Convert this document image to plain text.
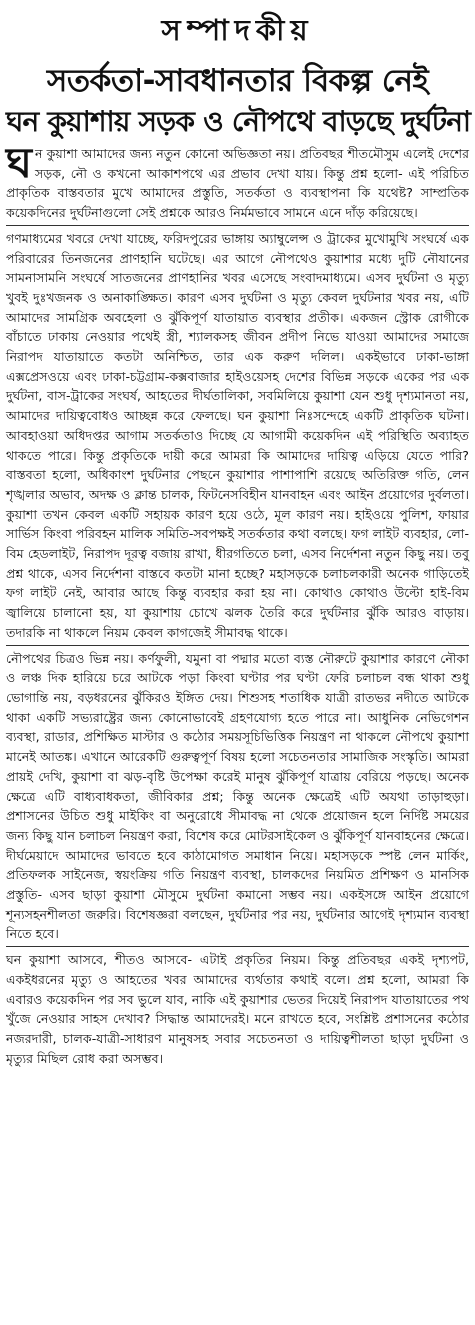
সম্পাদকীয়
সতর্কতা-সাবধানতার বিকল্প নেই
ঘন কুয়াশায় সড়ক ও নৌপথে বাড়ছে দুর্ঘটনা

ঘন কুয়াশা আমাদের জন্য নতুন কোনো অভিজ্ঞতা নয়। প্রতিবছর শীতমৌসুম এলেই দেশের সড়ক, নৌ ও কখনো আকাশপথে এর প্রভাব দেখা যায়। কিন্তু প্রশ্ন হলো- এই পরিচিত প্রাকৃতিক বাস্তবতার মুখে আমাদের প্রস্তুতি, সতর্কতা ও ব্যবস্থাপনা কি যথেষ্ট? সাম্প্রতিক কয়েকদিনের দুর্ঘটনাগুলো সেই প্রশ্নকে আরও নির্মমভাবে সামনে এনে দাঁড় করিয়েছে।

গণমাধ্যমের খবরে দেখা যাচ্ছে, ফরিদপুরের ভাঙ্গায় অ্যাম্বুলেন্স ও ট্রাকের মুখোমুখি সংঘর্ষে এক পরিবারের তিনজনের প্রাণহানি ঘটেছে। এর আগে নৌপথেও কুয়াশার মধ্যে দুটি নৌযানের সামনাসামনি সংঘর্ষে সাতজনের প্রাণহানির খবর এসেছে সংবাদমাধ্যমে। এসব দুর্ঘটনা ও মৃত্যু খুবই দুঃখজনক ও অনাকাঙ্ক্ষিত। কারণ এসব দুর্ঘটনা ও মৃত্যু কেবল দুর্ঘটনার খবর নয়, এটি আমাদের সামগ্রিক অবহেলা ও ঝুঁকিপূর্ণ যাতায়াত ব্যবস্থার প্রতীক। একজন স্ট্রোক রোগীকে বাঁচাতে ঢাকায় নেওয়ার পথেই স্ত্রী, শ্যালকসহ জীবন প্রদীপ নিভে যাওয়া আমাদের সমাজে নিরাপদ যাতায়াতে কতটা অনিশ্চিত, তার এক করুণ দলিল। একইভাবে ঢাকা-ভাঙ্গা এক্সপ্রেসওয়ে এবং ঢাকা-চট্টগ্রাম-কক্সবাজার হাইওয়েসহ দেশের বিভিন্ন সড়কে একের পর এক দুর্ঘটনা, বাস-ট্রাকের সংঘর্ষ, আহতের দীর্ঘতালিকা, সবমিলিয়ে কুয়াশা যেন শুধু দৃশ্যমানতা নয়, আমাদের দায়িত্ববোধও আচ্ছন্ন করে ফেলছে। ঘন কুয়াশা নিঃসন্দেহে একটি প্রাকৃতিক ঘটনা। আবহাওয়া অধিদপ্তর আগাম সতর্কতাও দিচ্ছে যে আগামী কয়েকদিন এই পরিস্থিতি অব্যাহত থাকতে পারে। কিন্তু প্রকৃতিকে দায়ী করে আমরা কি আমাদের দায়িত্ব এড়িয়ে যেতে পারি? বাস্তবতা হলো, অধিকাংশ দুর্ঘটনার পেছনে কুয়াশার পাশাপাশি রয়েছে অতিরিক্ত গতি, লেন শৃঙ্খলার অভাব, অদক্ষ ও ক্লান্ত চালক, ফিটনেসবিহীন যানবাহন এবং আইন প্রয়োগের দুর্বলতা। কুয়াশা তখন কেবল একটি সহায়ক কারণ হয়ে ওঠে, মূল কারণ নয়। হাইওয়ে পুলিশ, ফায়ার সার্ভিস কিংবা পরিবহন মালিক সমিতি-সবপক্ষই সতর্কতার কথা বলছে। ফগ লাইট ব্যবহার, লো-বিম হেডলাইট, নিরাপদ দূরত্ব বজায় রাখা, ধীরগতিতে চলা, এসব নির্দেশনা নতুন কিছু নয়। তবু প্রশ্ন থাকে, এসব নির্দেশনা বাস্তবে কতটা মানা হচ্ছে? মহাসড়কে চলাচলকারী অনেক গাড়িতেই ফগ লাইট নেই, আবার আছে কিন্তু ব্যবহার করা হয় না। কোথাও কোথাও উল্টো হাই-বিম জ্বালিয়ে চালানো হয়, যা কুয়াশায় চোখে ঝলক তৈরি করে দুর্ঘটনার ঝুঁকি আরও বাড়ায়। তদারকি না থাকলে নিয়ম কেবল কাগজেই সীমাবদ্ধ থাকে।

নৌপথের চিত্রও ভিন্ন নয়। কর্ণফুলী, যমুনা বা পদ্মার মতো ব্যস্ত নৌরুটে কুয়াশার কারণে নৌকা ও লঞ্চ দিক হারিয়ে চরে আটকে পড়া কিংবা ঘণ্টার পর ঘণ্টা ফেরি চলাচল বন্ধ থাকা শুধু ভোগান্তি নয়, বড়ধরনের ঝুঁকিরও ইঙ্গিত দেয়। শিশুসহ শতাধিক যাত্রী রাতভর নদীতে আটকে থাকা একটি সভ্যরাষ্ট্রের জন্য কোনোভাবেই গ্রহণযোগ্য হতে পারে না। আধুনিক নেভিগেশন ব্যবস্থা, রাডার, প্রশিক্ষিত মাস্টার ও কঠোর সময়সূচিভিত্তিক নিয়ন্ত্রণ না থাকলে নৌপথে কুয়াশা মানেই আতঙ্ক। এখানে আরেকটি গুরুত্বপূর্ণ বিষয় হলো সচেতনতার সামাজিক সংস্কৃতি। আমরা প্রায়ই দেখি, কুয়াশা বা ঝড়-বৃষ্টি উপেক্ষা করেই মানুষ ঝুঁকিপূর্ণ যাত্রায় বেরিয়ে পড়ছে। অনেক ক্ষেত্রে এটি বাধ্যবাধকতা, জীবিকার প্রশ্ন; কিন্তু অনেক ক্ষেত্রেই এটি অযথা তাড়াহুড়া। প্রশাসনের উচিত শুধু মাইকিং বা অনুরোধে সীমাবদ্ধ না থেকে প্রয়োজন হলে নির্দিষ্ট সময়ের জন্য কিছু যান চলাচল নিয়ন্ত্রণ করা, বিশেষ করে মোটরসাইকেল ও ঝুঁকিপূর্ণ যানবাহনের ক্ষেত্রে। দীর্ঘমেয়াদে আমাদের ভাবতে হবে কাঠামোগত সমাধান নিয়ে। মহাসড়কে স্পষ্ট লেন মার্কিং, প্রতিফলক সাইনেজ, স্বয়ংক্রিয় গতি নিয়ন্ত্রণ ব্যবস্থা, চালকদের নিয়মিত প্রশিক্ষণ ও মানসিক প্রস্তুতি- এসব ছাড়া কুয়াশা মৌসুমে দুর্ঘটনা কমানো সম্ভব নয়। একইসঙ্গে আইন প্রয়োগে শূন্যসহনশীলতা জরুরি। বিশেষজ্ঞরা বলছেন, দুর্ঘটনার পর নয়, দুর্ঘটনার আগেই দৃশ্যমান ব্যবস্থা নিতে হবে।

ঘন কুয়াশা আসবে, শীতও আসবে- এটাই প্রকৃতির নিয়ম। কিন্তু প্রতিবছর একই দৃশ্যপট, একইধরনের মৃত্যু ও আহতের খবর আমাদের ব্যর্থতার কথাই বলে। প্রশ্ন হলো, আমরা কি এবারও কয়েকদিন পর সব ভুলে যাব, নাকি এই কুয়াশার ভেতর দিয়েই নিরাপদ যাতায়াতের পথ খুঁজে নেওয়ার সাহস দেখাব? সিদ্ধান্ত আমাদেরই। মনে রাখতে হবে, সংশ্লিষ্ট প্রশাসনের কঠোর নজরদারী, চালক-যাত্রী-সাধারণ মানুষসহ সবার সচেতনতা ও দায়িত্বশীলতা ছাড়া দুর্ঘটনা ও মৃত্যুর মিছিল রোধ করা অসম্ভব।
